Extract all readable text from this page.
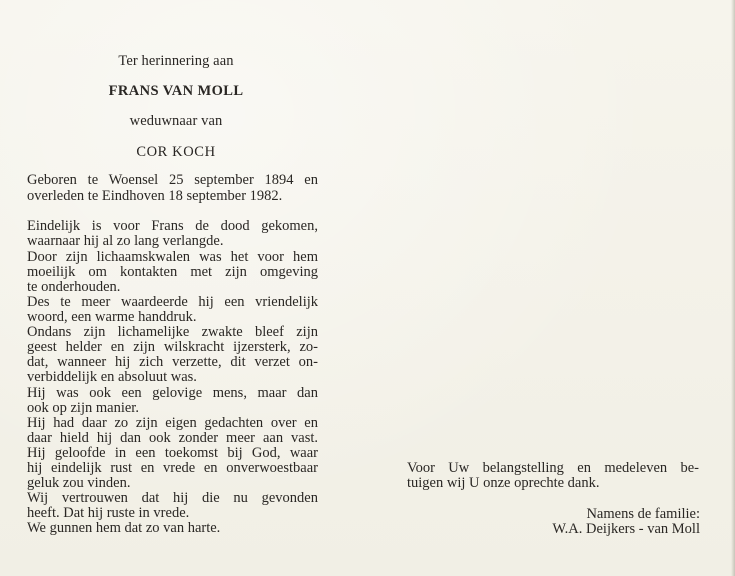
Ter herinnering aan
FRANS VAN MOLL
weduwnaar van
COR KOCH
Geboren te Woensel 25 september 1894 en
overleden te Eindhoven 18 september 1982.
Eindelijk is voor Frans de dood gekomen,
waarnaar hij al zo lang verlangde.
Door zijn lichaamskwalen was het voor hem
moeilijk om kontakten met zijn omgeving
te onderhouden.
Des te meer waardeerde hij een vriendelijk
woord, een warme handdruk.
Ondans zijn lichamelijke zwakte bleef zijn
geest helder en zijn wilskracht ijzersterk, zo-
dat, wanneer hij zich verzette, dit verzet on-
verbiddelijk en absoluut was.
Hij was ook een gelovige mens, maar dan
ook op zijn manier.
Hij had daar zo zijn eigen gedachten over en
daar hield hij dan ook zonder meer aan vast.
Hij geloofde in een toekomst bij God, waar
hij eindelijk rust en vrede en onverwoestbaar
geluk zou vinden.
Wij vertrouwen dat hij die nu gevonden
heeft. Dat hij ruste in vrede.
We gunnen hem dat zo van harte.
Voor Uw belangstelling en medeleven be-
tuigen wij U onze oprechte dank.
Namens de familie:
W.A. Deijkers - van Moll
